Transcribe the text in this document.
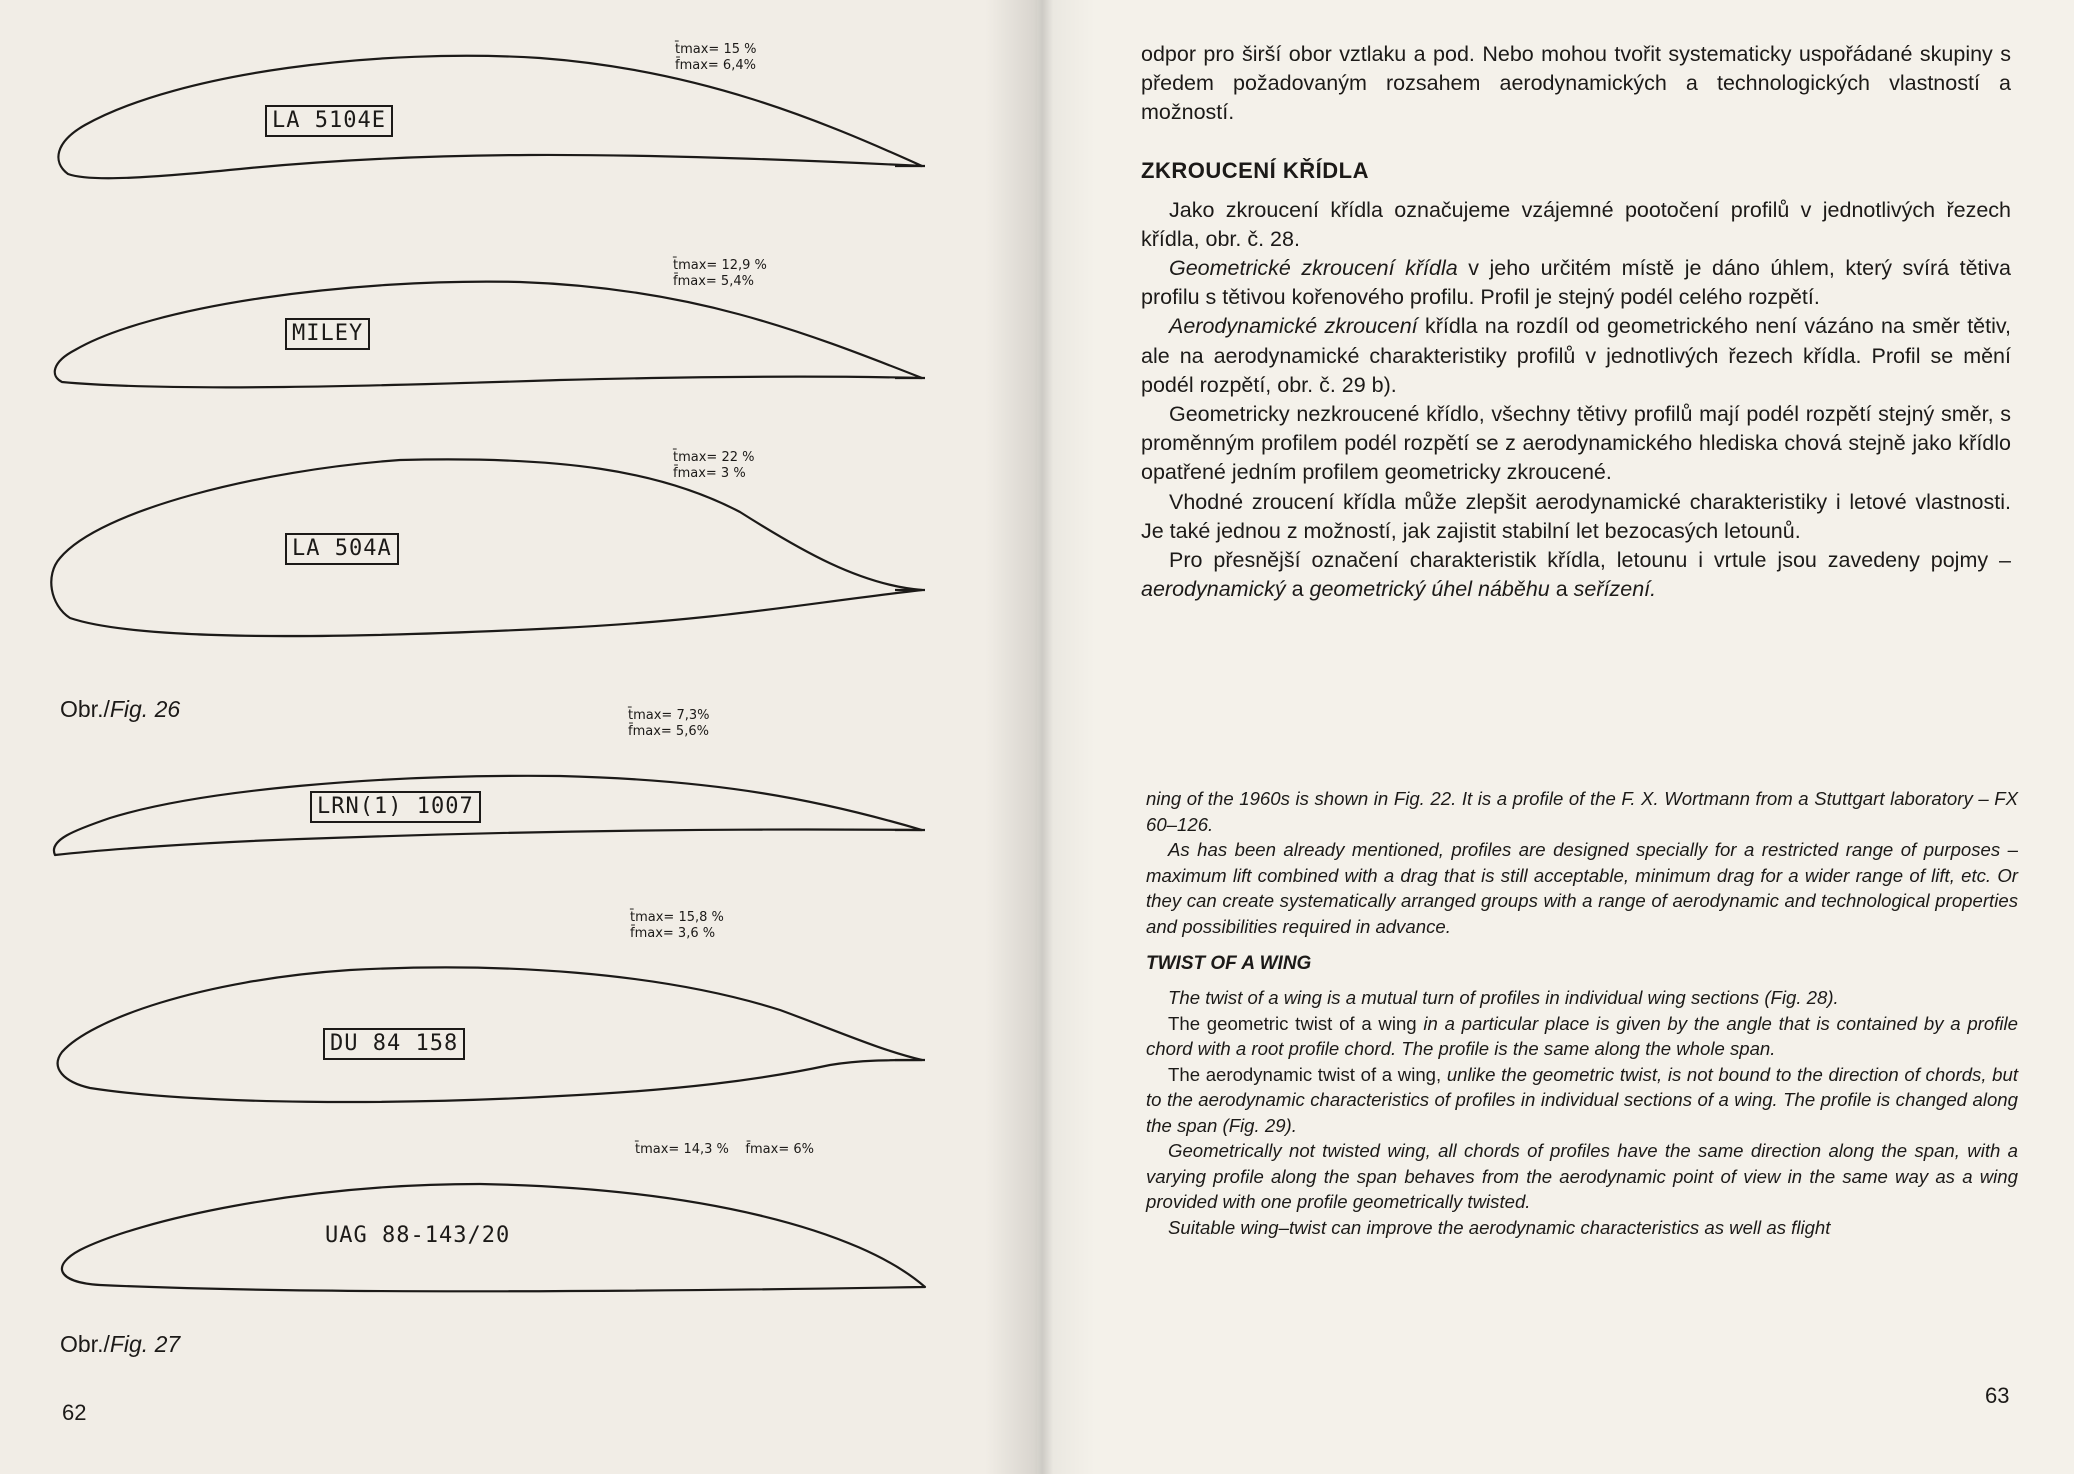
LA 5104E
t̄max= 15 %
f̄max= 6,4%
MILEY
t̄max= 12,9 %
f̄max= 5,4%
LA 504A
t̄max= 22 %
f̄max= 3 %
Obr./Fig. 26	t̄max= 7,3%
f̄max= 5,6%
LRN(1) 1007
t̄max= 15,8 %
f̄max= 3,6 %
DU 84 158
t̄max= 14,3 % f̄max= 6%
UAG 88-143/20
Obr./Fig. 27
62

odpor pro širší obor vztlaku a pod. Nebo mohou tvořit systematicky uspořádané skupiny s předem požadovaným rozsahem aerodynamických a technologických vlastností a možností.

ZKROUCENÍ KŘÍDLA

Jako zkroucení křídla označujeme vzájemné pootočení profilů v jednotlivých řezech křídla, obr. č. 28.

Geometrické zkroucení křídla v jeho určitém místě je dáno úhlem, který svírá tětiva profilu s tětivou kořenového profilu. Profil je stejný podél celého rozpětí.

Aerodynamické zkroucení křídla na rozdíl od geometrického není vázáno na směr tětiv, ale na aerodynamické charakteristiky profilů v jednotlivých řezech křídla. Profil se mění podél rozpětí, obr. č. 29 b).

Geometricky nezkroucené křídlo, všechny tětivy profilů mají podél rozpětí stejný směr, s proměnným profilem podél rozpětí se z aerodynamického hlediska chová stejně jako křídlo opatřené jedním profilem geometricky zkroucené.

Vhodné zroucení křídla může zlepšit aerodynamické charakteristiky i letové vlastnosti. Je také jednou z možností, jak zajistit stabilní let bezocasých letounů.

Pro přesnější označení charakteristik křídla, letounu i vrtule jsou zavedeny pojmy – aerodynamický a geometrický úhel náběhu a seřízení.

ning of the 1960s is shown in Fig. 22. It is a profile of the F. X. Wortmann from a Stuttgart laboratory – FX 60–126.

As has been already mentioned, profiles are designed specially for a restricted range of purposes – maximum lift combined with a drag that is still acceptable, minimum drag for a wider range of lift, etc. Or they can create systematically arranged groups with a range of aerodynamic and technological properties and possibilities required in advance.

TWIST OF A WING

The twist of a wing is a mutual turn of profiles in individual wing sections (Fig. 28).

The geometric twist of a wing in a particular place is given by the angle that is contained by a profile chord with a root profile chord. The profile is the same along the whole span.

The aerodynamic twist of a wing, unlike the geometric twist, is not bound to the direction of chords, but to the aerodynamic characteristics of profiles in individual sections of a wing. The profile is changed along the span (Fig. 29).

Geometrically not twisted wing, all chords of profiles have the same direction along the span, with a varying profile along the span behaves from the aerodynamic point of view in the same way as a wing provided with one profile geometrically twisted.

Suitable wing–twist can improve the aerodynamic characteristics as well as flight

63
